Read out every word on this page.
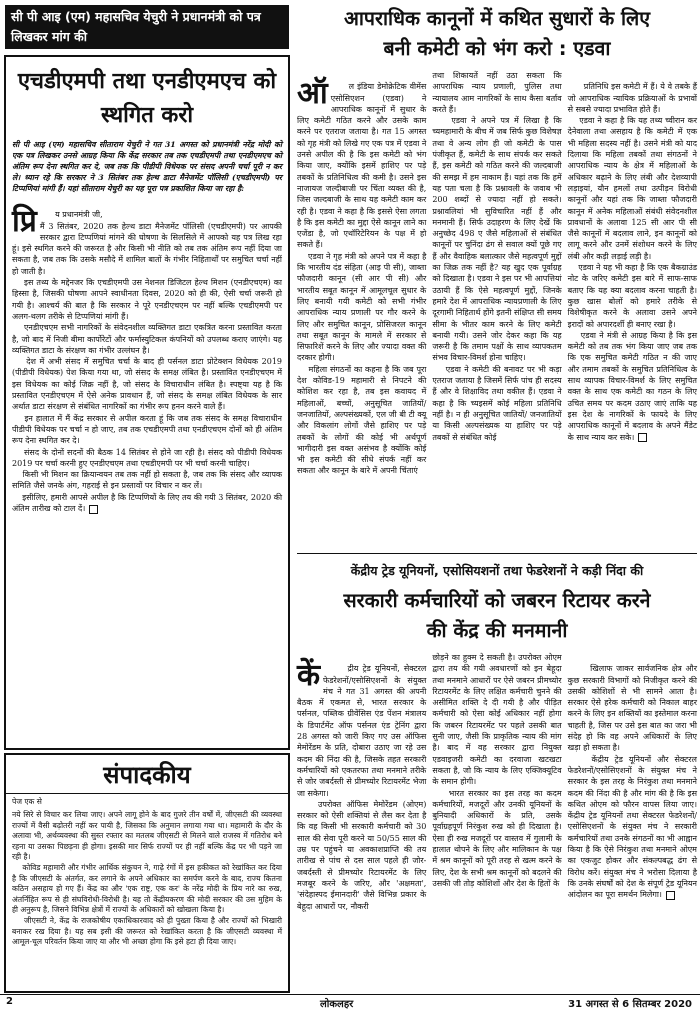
सी पी आइ (एम) महासचिव येचुरी ने प्रधानमंत्री को पत्र लिखकर मांग की
एचडीएमपी तथा एनडीएमएच को स्थगित करो
सी पी आइ (एम) महासचिव सीताराम येचुरी ने गत 31 अगस्त को प्रधानमंत्री नरेंद्र मोदी को एक पत्र लिखकर उनसे आग्रह किया कि केंद्र सरकार तब तक एचडीएमपी तथा एनडीएमएच को अंतिम रूप देना स्थगित कर दे, जब तक कि पीडीपी विधेयक पर संसद अपनी चर्चा पूरी न कर ले। ध्यान रहे कि सरकार ने 3 सितंबर तक हेल्थ डाटा मैनेजमेंट पॉलिसी (एचडीएमपी) पर टिप्पणियां मांगी हैं। यहां सीताराम येचुरी का यह पूरा पत्र प्रकाशित किया जा रहा है:

प्रि य प्रधानमंत्री जी,
मैं 3 सितंबर, 2020 तक हेल्थ डाटा मैनेजमेंट पॉलिसी (एचडीएमपी) पर आपकी सरकार द्वारा टिप्पणियां मांगने की घोषणा के सिलसिले में आपको यह पत्र लिख रहा हूं। इसे स्थगित करने की जरूरत है और किसी भी नीति को तब तक अंतिम रूप नहीं दिया जा सकता है, जब तक कि उसके मसौदे में शामिल बातों के गंभीर निहितार्थों पर समुचित चर्चा नहीं हो जाती है।
इस तथ्य के मद्देनजर कि एचडीएमपी उस नेशनल डिजिटल हेल्थ मिशन (एनडीएचएम) का हिस्सा है, जिसकी घोषणा आपने स्वाधीनता दिवस, 2020 को ही की, ऐसी चर्चा जरूरी हो गयी है। आश्चर्य की बात है कि सरकार ने पूरे एनडीएचएम पर नहीं बल्कि एचडीएमपी पर अलग-थलग तरीके से टिप्पणियां मांगी हैं।
एनडीएचएम सभी नागरिकों के संवेदनशील व्यक्तिगत डाटा एकत्रित करना प्रस्तावित करता है, जो बाद में निजी बीमा कार्पोरेटों और फर्मास्युटिकल कंपनियों को उपलब्ध कराए जाएंगे। यह व्यक्तिगत डाटा के संरक्षण का गंभीर उल्लंघन है।
देश में अभी संसद में समुचित चर्चा के बाद ही पर्सनल डाटा प्रोटेक्शन विधेयक 2019 (पीडीपी विधेयक) पेश किया गया था, जो संसद के समक्ष लंबित है। प्रस्तावित एनडीएचएम में इस विधेयक का कोई जिक्र नहीं है, जो संसद के विचाराधीन लंबित है। स्पष्ट्या यह है कि प्रस्तावित एनडीएचएम में ऐसे अनेक प्रावधान हैं, जो संसद के समक्ष लंबित विधेयक के सार अर्थात डाटा संरक्षण से संबंधित नागरिकों का गंभीर रूप हनन करने वाले हैं।
इन हालात में मैं केंद्र सरकार से अपील करता हूं कि जब तक संसद के समक्ष विचाराधीन पीडीपी विधेयक पर चर्चा न हो जाए, तब तक एचडीएमपी तथा एनडीएचएम दोनों को ही अंतिम रूप देना स्थगित कर दे।
संसद के दोनों सदनों की बैठक 14 सितंबर से होने जा रही है। संसद को पीडीपी विधेयक 2019 पर चर्चा करनी हुए एनडीएचएम तथा एचडीएमपी पर भी चर्चा करनी चाहिए।
किसी भी मिशन का क्रियान्वयन तब तक नहीं हो सकता है, जब तक कि संसद और व्यापक समिति जैसे जनके अंग, गहराई से इन प्रस्तावों पर विचार न कर लें।
इसीलिए, हमारी आपसे अपील है कि टिप्पणियों के लिए तय की गयी 3 सितंबर, 2020 की अंतिम तारीख को टाल दें।

संपादकीय
पेज एक से
नये सिरे से विचार कर लिया जाए। अपने लागू होने के बाद गुजरे तीन वर्षों में, जीएसटी की व्यवस्था राज्यों में वैसी बढ़ोतरी नहीं कर पायी है, जिसका कि अनुमान लगाया गया था। महामारी के दौर के अलावा भी, अर्थव्यवस्था की सुस्त रफ्तार का मतलब जीएसटी से मिलने वाले राजस्व में गतिरोध बने रहना या उसका पिछड़ना ही होगा। इसकी मार सिर्फ राज्यों पर ही नहीं बल्कि केंद्र पर भी पड़ने जा रही है।
कोविड महामारी और गंभीर आर्थिक संकुचन ने, गाढ़े रंगों में इस हकीकत को रेखांकित कर दिया है कि जीएसटी के अंतर्गत, कर लगाने के अपने अधिकार का समर्पण करने के बाद, राज्य कितना कठिन असहाय हो गए हैं। केंद्र का और 'एक राष्ट्र, एक कर' के नरेंद्र मोदी के प्रिय नारे का रुख, अंतर्निहित रूप से ही संघविरोधी-विरोधी है। यह तो केंद्रीयकरण की मोदी सरकार की उस मुहिम के ही अनुरूप है, जिसने विभिन्न क्षेत्रों में राज्यों के अधिकारों को खोखला किया है।
जीएसटी ने, केंद्र के राजकोषीय एकाधिकारवाद को ही पुख्ता किया है और राज्यों को भिखारी बनाकर रख दिया है। यह सब इसी की जरूरत को रेखांकित करता है कि जीएसटी व्यवस्था में आमूल-चूल परिवर्तन किया जाए या और भी अच्छा होगा कि इसे हटा ही दिया जाए।
आपराधिक कानूनों में कथित सुधारों के लिए
बनी कमेटी को भंग करो : एडवा

ऑ	ल इंडिया डेमोक्रेटिक वीमेंस एसोसिएशन (एडवा) ने आपराधिक कानूनों में सुधार के लिए कमेटी गठित करने और उसके काम करने पर एतराज जताया है। गत 15 अगस्त को गृह मंत्री को लिखे गए एक पत्र में एडवा ने उनसे अपील की है कि इस कमेटी को भंग किया जाए, क्योंकि इसमें हाशिए पर पड़े तबकों के प्रतिनिधित्व की कमी है। उसने इस नाजायज जल्दीबाजी पर चिंता व्यक्त की है, जिस जल्दबाजी के साथ यह कमेटी काम कर रही है। एडवा ने कहा है कि इससे ऐसा लगता है कि इस कमेटी का मुद्दा ऐसे कानून लाने का एजेंडा है, जो एथॉरिटेरियन के पक्ष में हो सकते हैं।
एडवा ने गृह मंत्री को अपने पत्र में कहा है कि भारतीय दंड संहिता (आइ पी सी), जाब्ता फौजदारी कानून (सी आर पी सी) और भारतीय सबूत कानून में आमूलचूल सुधार के लिए बनायी गयी कमेटी को सभी गंभीर आपराधिक न्याय प्रणाली पर गौर करने के लिए और समुचित कानून, प्रोसिजरल कानून तथा सबूत कानून के मामले में सरकार से सिफारिशें करने के लिए और ज्यादा वक्त की दरकार होगी।
महिला संगठनों का कहना है कि जब पूरा देश कोविड-19 महामारी से निपटने की कोशिश कर रहा है, तब इस कवायद में महिलाओं, बच्चों, अनुसूचित जातियों/ जनजातियों, अल्पसंख्यकों, एल जी बी टी क्यू और विकलांग लोगों जैसे हाशिए पर पड़े तबकों के लोगों की कोई भी अर्थपूर्ण भागीदारी इस वक्त असंभव है क्योंकि कोई भी इस कमेटी की सीधे संपर्क नहीं कर सकता और कानून के बारे में अपनी चिंताएं

तथा शिकायतें नहीं उठा सकता कि आपराधिक न्याय प्रणाली, पुलिस तथा न्यायालय आम नागरिकों के साथ कैसा बर्ताव करते हैं।
एडवा ने अपने पत्र में लिखा है कि च्यमहामारी के बीच में जब सिर्फ कुछ विशेषज्ञ तथा वे अन्य लोग ही जो कमेटी के पास पंजीकृत हैं, कमेटी के साथ संपर्क कर सकते हैं, इस कमेटी को गठित करने की जल्दबाजी की समझ में हम नाकाम हैं। यहां तक कि हमें यह पता चला है कि प्रश्नावली के जवाब भी 200 शब्दों से ज्यादा नहीं हो सकते। प्रश्नावलियां भी सुविचारित नहीं हैं और मनमानी हैं। सिर्फ उदाहरण के लिए देखें कि अनुच्छेद 498 ए जैसे महिलाओं से संबंधित कानूनों पर चुनिंदा ढंग से सवाल क्यों पूछे गए हैं और वैवाहिक बलात्कार जैसे महत्वपूर्ण मुद्दों का जिक्र तक नहीं है? यह खुद एक पूर्वाग्रह को दिखाता है। एडवा ने इस पर भी आपत्तियां उठायी हैं कि ऐसे महत्वपूर्ण मुद्दों, जिनके हमारे देश में आपराधिक न्यायप्रणाली के लिए दूरगामी निहितार्थ होंगे इतनी संक्षिप्त सी समय सीमा के भीतर काम करने के लिए कमेटी बनायी गयी। उसने जोर देकर कहा कि यह जरूरी है कि तमाम पक्षों के साथ व्यापकतम संभव विचार-विमर्श होना चाहिए।
एडवा ने कमेटी की बनावट पर भी कड़ा एतराज जताया है जिसमें सिर्फ पांच ही सदस्य हैं और वे शिक्षाविद तथा वकील हैं। एडवा ने कहा है कि च्यइसमें कोई महिला प्रतिनिधि नहीं है। न ही अनुसूचित जातियों/ जनजातियों या किसी अल्पसंख्यक या हाशिए पर पड़े तबकों से संबंधित कोई

प्रतिनिधि इस कमेटी में हैं। ये वे तबके हैं जो आपराधिक न्यायिक प्रक्रियाओं के प्रभावों से सबसे ज्यादा प्रभावित होते हैं।
एडवा ने कहा है कि यह तथ्य च्वीरान कर देनेवाला तथा असहाय है कि कमेटी में एक भी महिला सदस्य नहीं है। उसने मंत्री को याद दिलाया कि महिला तबकों तथा संगठनों ने आपराधिक न्याय के क्षेत्र में महिलाओं के अधिकार बढ़ाने के लिए लंबी और देशव्यापी लड़ाइयां, यौन हमलों तथा उत्पीड़न विरोधी कानूनों और यहां तक कि जाब्ता फौजदारी कानून में अनेक महिलाओं संबंधी संवेदनशील प्रावधानों के अलावा 125 सी आर पी सी जैसे कानूनों में बदलाव लाने, इन कानूनों को लागू करने और उनमें संशोधन करने के लिए लंबी और कड़ी लड़ाई लड़ी है।
एडवा ने यह भी कहा है कि एक बैकग्राउंड नोट के जरिए कमेटी इस बारे में साफ-साफ बताए कि यह क्या बदलाव करना चाहती है। कुछ खास बोलों को हमारे तरीके से विशेषीकृत करने के अलावा उसने अपने इरादों को अपारदर्शी ही बनाए रखा है।
एडवा ने मंत्री से आग्रह किया है कि इस कमेटी को तब तक भंग किया जाए जब तक कि एक समुचित कमेटी गठित न की जाए और तमाम तबकों के समुचित प्रतिनिधित्व के साथ व्यापक विचार-विमर्श के लिए समुचित वक्त के साथ एक कमेटी का गठन के लिए उचित समय पर कदम उठाए जाएं ताकि यह इस देश के नागरिकों के फायदे के लिए आपराधिक कानूनों में बदलाव के अपने मैंडेट के साथ न्याय कर सके।

केंद्रीय ट्रेड यूनियनों, एसोसियशनों तथा फेडरेशनों ने कड़ी निंदा की
सरकारी कर्मचारियों को जबरन रिटायर करने
की केंद्र की मनमानी

कें	द्रीय ट्रेड यूनियनों, सेक्टरल फेडरेशनों/एसोसिएशनों के संयुक्त मंच ने गत 31 अगस्त की अपनी बैठक में एकमत से, भारत सरकार के पर्सनल, पब्लिक ग्रीवेंसिस एंड पेंशन मंत्रालय के डिपार्टमेंट ऑफ पर्सनल एंड ट्रेनिंग द्वारा 28 अगस्त को जारी किए गए उस ऑफिस मेमोरेंडम के प्रति, दोबारा उठाए जा रहे उस कदम की निंदा की है, जिसके तहत सरकारी कर्मचारियों को एकतरफा तथा मनमाने तरीके से जोर जबर्दस्ती से प्रीमच्योर रिटायरमेंट भेजा जा सकेगा।
उपरोक्त ऑफिस मेमोरेंडम (ओएम) सरकार को ऐसी शक्तियां से लैस कर देता है कि वह किसी भी सरकारी कर्मचारी को 30 साल की सेवा पूरी करने या 50/55 साल की उम्र पर पहुंचने या अवकाशप्राप्ति की तय तारीख से पांच से दस साल पहले ही जोर-जबर्दस्ती से प्रीमच्योर रिटायरमेंट के लिए मजबूर करने के जरिए, और 'अक्षमता', 'संदेहास्पद ईमानदारी' जैसे विभिन्न प्रकार के बेहूदा आधारों पर, नौकरी

छोड़ने का हुक्म दे सकती है। उपरोक्त ओएम द्वारा तय की गयी अवधारणों को इन बेहूदा तथा मनमाने आधारों पर ऐसे जबरन प्रीमच्योर रिटायरमेंट के लिए लक्षित कर्मचारी चुनने की असीमित शक्ति दे दी गयी है और पीड़ित कर्मचारी को ऐसा कोई अधिकार नहीं होगा कि जबरन रिटायरमेंट पर पहले उसकी बात सुनी जाए, जैसी कि प्राकृतिक न्याय की मांग है। बाद में वह सरकार द्वारा नियुक्त एडवाइजरी कमेटी का दरवाजा खटखटा सकता है, जो कि न्याय के लिए एक्जिक्यूटिव के समान होगी।
भारत सरकार का इस तरह का कदम कर्मचारियों, मजदूरों और उनकी यूनियनों के बुनियादी अधिकारों के प्रति, उसके पूर्वाग्रहपूर्ण निरंकुश रुख को ही दिखाता है। ऐसा ही रुख मजदूरों पर वास्तव में गुलामी के हालात थोपने के लिए और मालिकान के पक्ष में श्रम कानूनों को पूरी तरह से खत्म करने के लिए, देश के सभी श्रम कानूनों को बदलने की उसकी जी तोड़ कोशिशों और देश के हितों के

खिलाफ जाकर सार्वजनिक क्षेत्र और कुछ सरकारी विभागों को निजीकृत करने की उसकी कोशिशों से भी सामने आता है। सरकार ऐसे हरेक कर्मचारी को निकाल बाहर करने के लिए इन शक्तियों का इस्तेमाल करना चाहती है, जिस पर उसे इस बात का जरा भी संदेह हो कि वह अपने अधिकारों के लिए खड़ा हो सकता है।
केंद्रीय ट्रेड यूनियनों और सेक्टरल फेडरेशनों/एसोसिएशनों के संयुक्त मंच ने सरकार के इस तरह के निरंकुश तथा मनमाने कदम की निंदा की है और मांग की है कि इस कथित ओएम को फौरन वापस लिया जाए। केंद्रीय ट्रेड यूनियनों तथा सेक्टरल फेडरेशनों/एसोसिएशनों के संयुक्त मंच ने सरकारी कर्मचारियों तथा उनके संगठनों का भी आह्वान किया है कि ऐसे निरंकुश तथा मनमाने ओएम का एकजुट होकर और संकल्पबद्ध ढंग से विरोध करें। संयुक्त मंच ने भरोसा दिलाया है कि उनके संघर्षों को देश के संपूर्ण ट्रेड यूनियन आंदोलन का पूरा समर्थन मिलेगा।

2	लोकलहर	31 अगस्त से 6 सितम्बर 2020
